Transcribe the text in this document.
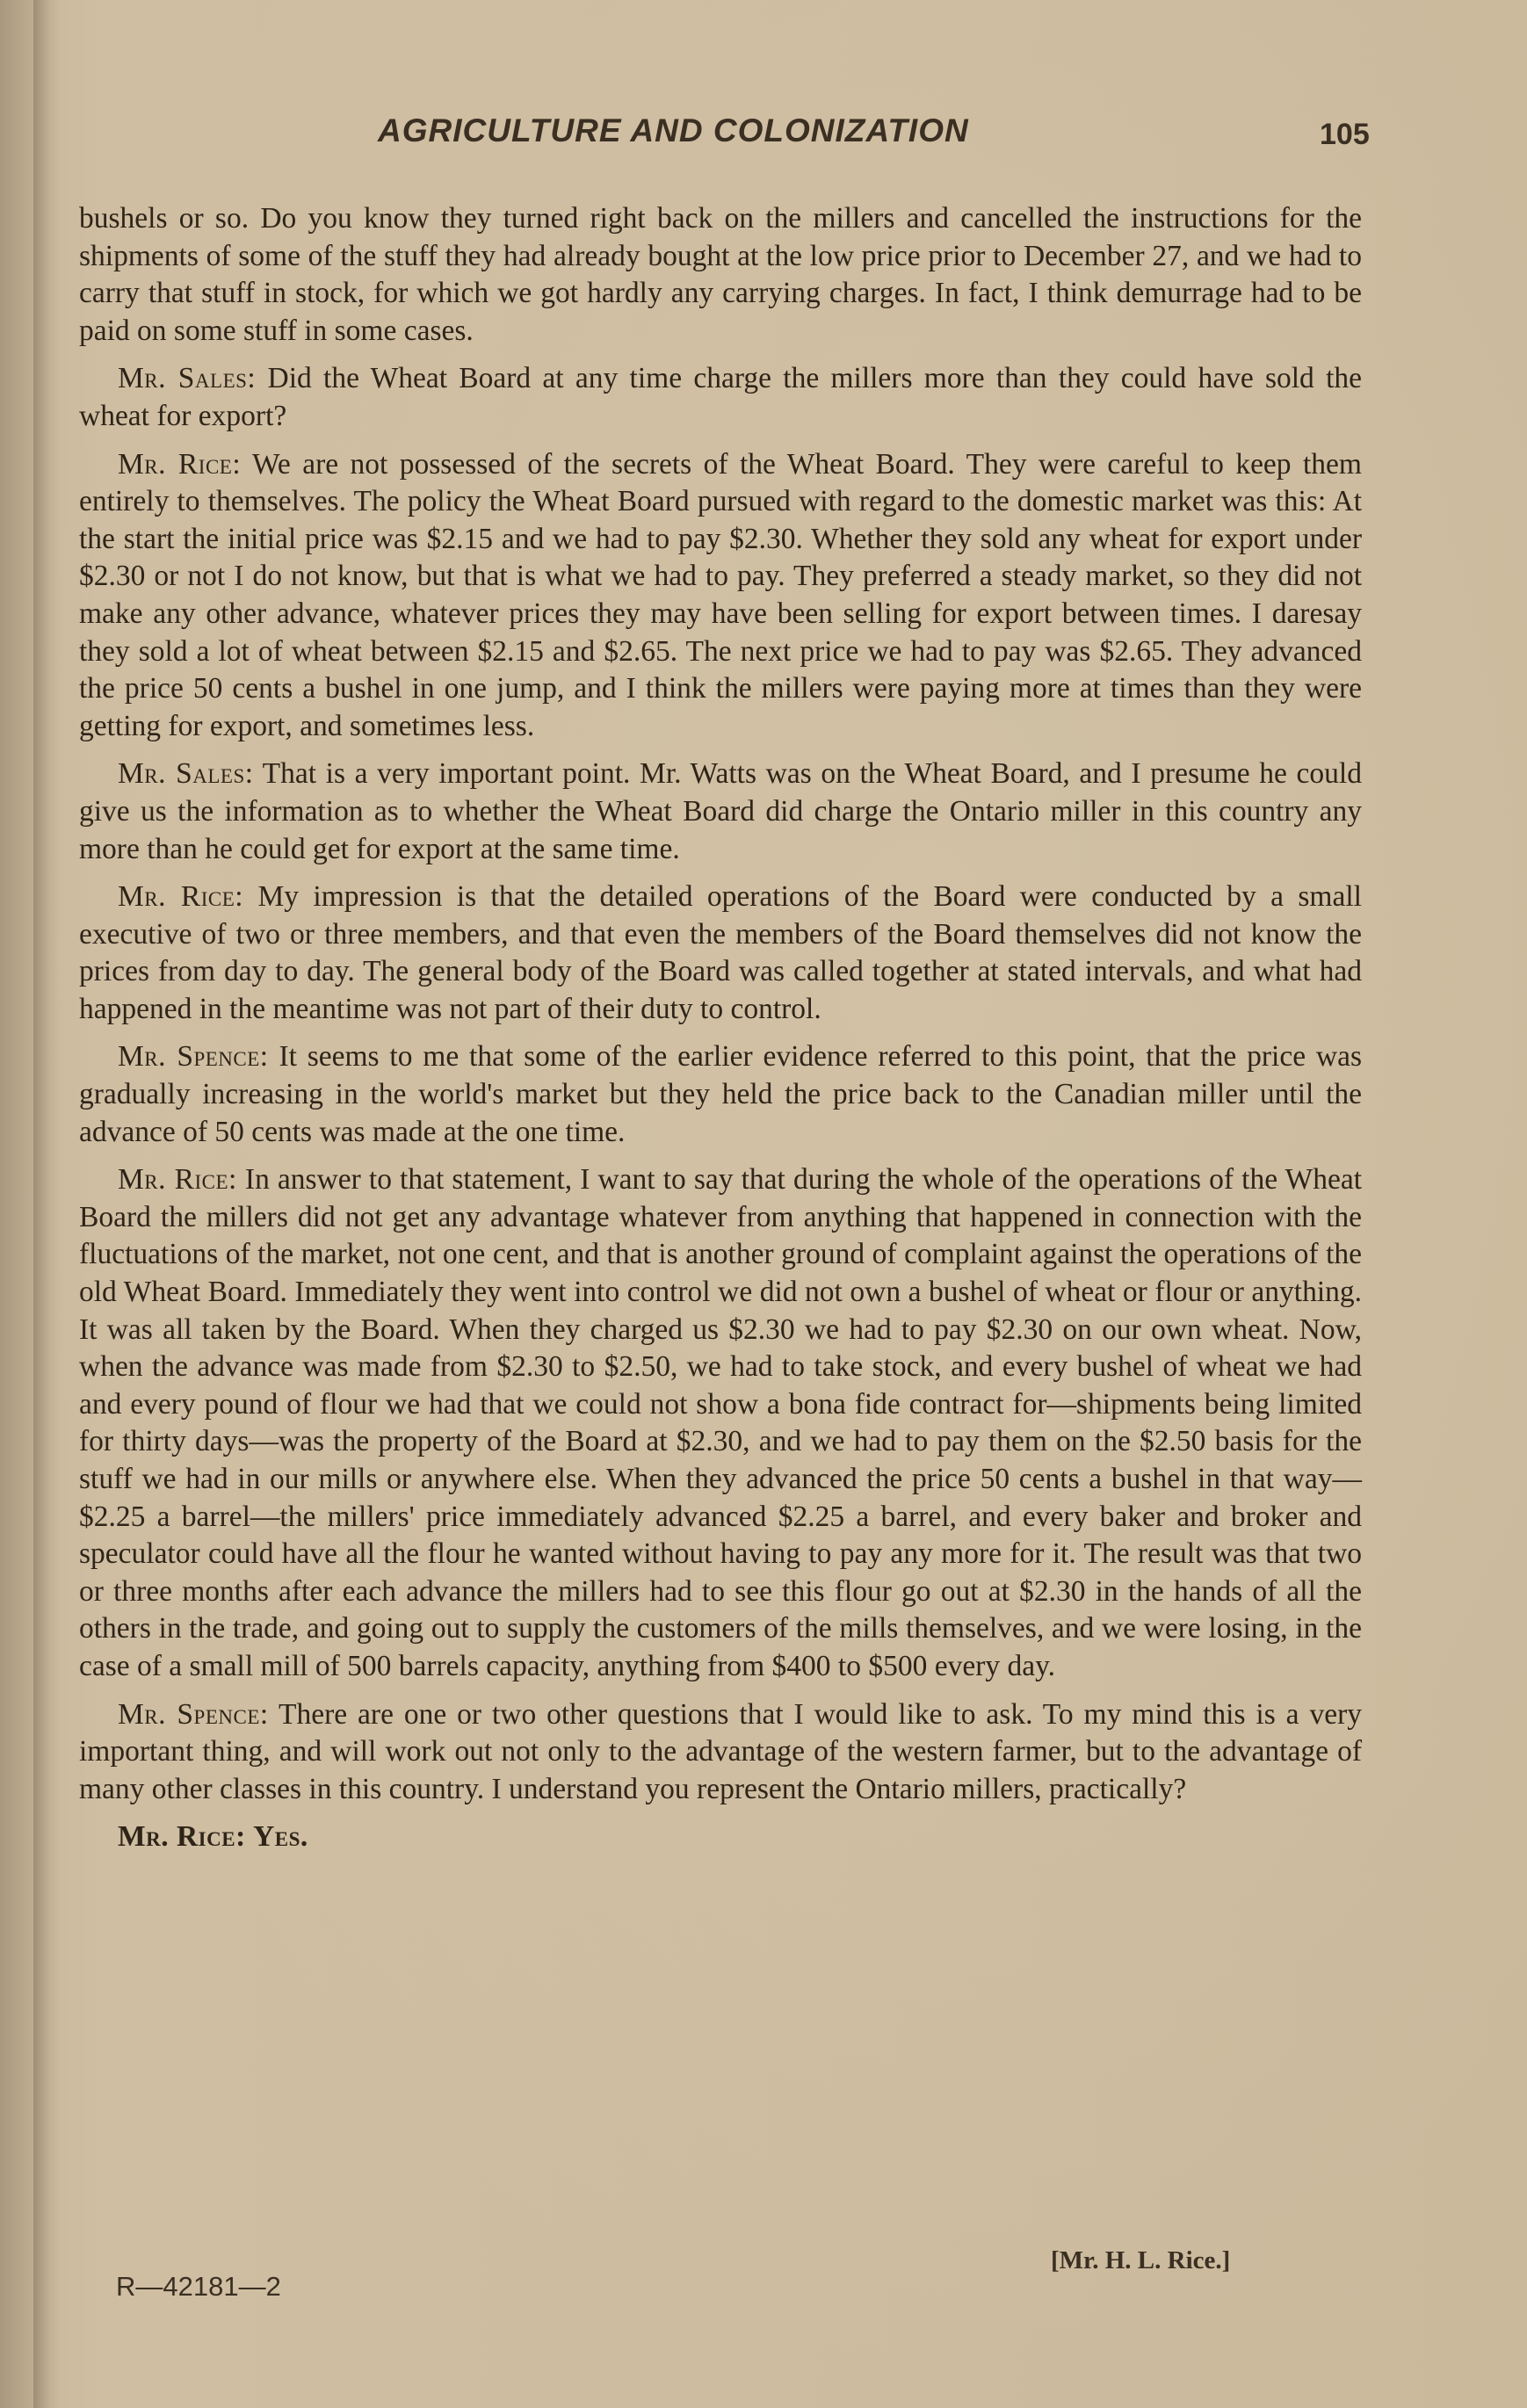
AGRICULTURE AND COLONIZATION	105

bushels or so. Do you know they turned right back on the millers and cancelled the instructions for the shipments of some of the stuff they had already bought at the low price prior to December 27, and we had to carry that stuff in stock, for which we got hardly any carrying charges. In fact, I think demurrage had to be paid on some stuff in some cases.

Mr. Sales: Did the Wheat Board at any time charge the millers more than they could have sold the wheat for export?

Mr. Rice: We are not possessed of the secrets of the Wheat Board. They were careful to keep them entirely to themselves. The policy the Wheat Board pursued with regard to the domestic market was this: At the start the initial price was $2.15 and we had to pay $2.30. Whether they sold any wheat for export under $2.30 or not I do not know, but that is what we had to pay. They preferred a steady market, so they did not make any other advance, whatever prices they may have been selling for export between times. I daresay they sold a lot of wheat between $2.15 and $2.65. The next price we had to pay was $2.65. They advanced the price 50 cents a bushel in one jump, and I think the millers were paying more at times than they were getting for export, and sometimes less.

Mr. Sales: That is a very important point. Mr. Watts was on the Wheat Board, and I presume he could give us the information as to whether the Wheat Board did charge the Ontario miller in this country any more than he could get for export at the same time.

Mr. Rice: My impression is that the detailed operations of the Board were conducted by a small executive of two or three members, and that even the members of the Board themselves did not know the prices from day to day. The general body of the Board was called together at stated intervals, and what had happened in the meantime was not part of their duty to control.

Mr. Spence: It seems to me that some of the earlier evidence referred to this point, that the price was gradually increasing in the world's market but they held the price back to the Canadian miller until the advance of 50 cents was made at the one time.

Mr. Rice: In answer to that statement, I want to say that during the whole of the operations of the Wheat Board the millers did not get any advantage whatever from anything that happened in connection with the fluctuations of the market, not one cent, and that is another ground of complaint against the operations of the old Wheat Board. Immediately they went into control we did not own a bushel of wheat or flour or anything. It was all taken by the Board. When they charged us $2.30 we had to pay $2.30 on our own wheat. Now, when the advance was made from $2.30 to $2.50, we had to take stock, and every bushel of wheat we had and every pound of flour we had that we could not show a bona fide contract for—shipments being limited for thirty days—was the property of the Board at $2.30, and we had to pay them on the $2.50 basis for the stuff we had in our mills or anywhere else. When they advanced the price 50 cents a bushel in that way—$2.25 a barrel—the millers' price immediately advanced $2.25 a barrel, and every baker and broker and speculator could have all the flour he wanted without having to pay any more for it. The result was that two or three months after each advance the millers had to see this flour go out at $2.30 in the hands of all the others in the trade, and going out to supply the customers of the mills themselves, and we were losing, in the case of a small mill of 500 barrels capacity, anything from $400 to $500 every day.

Mr. Spence: There are one or two other questions that I would like to ask. To my mind this is a very important thing, and will work out not only to the advantage of the western farmer, but to the advantage of many other classes in this country. I understand you represent the Ontario millers, practically?

Mr. Rice: Yes.

R—42181—2
[Mr. H. L. Rice.]
